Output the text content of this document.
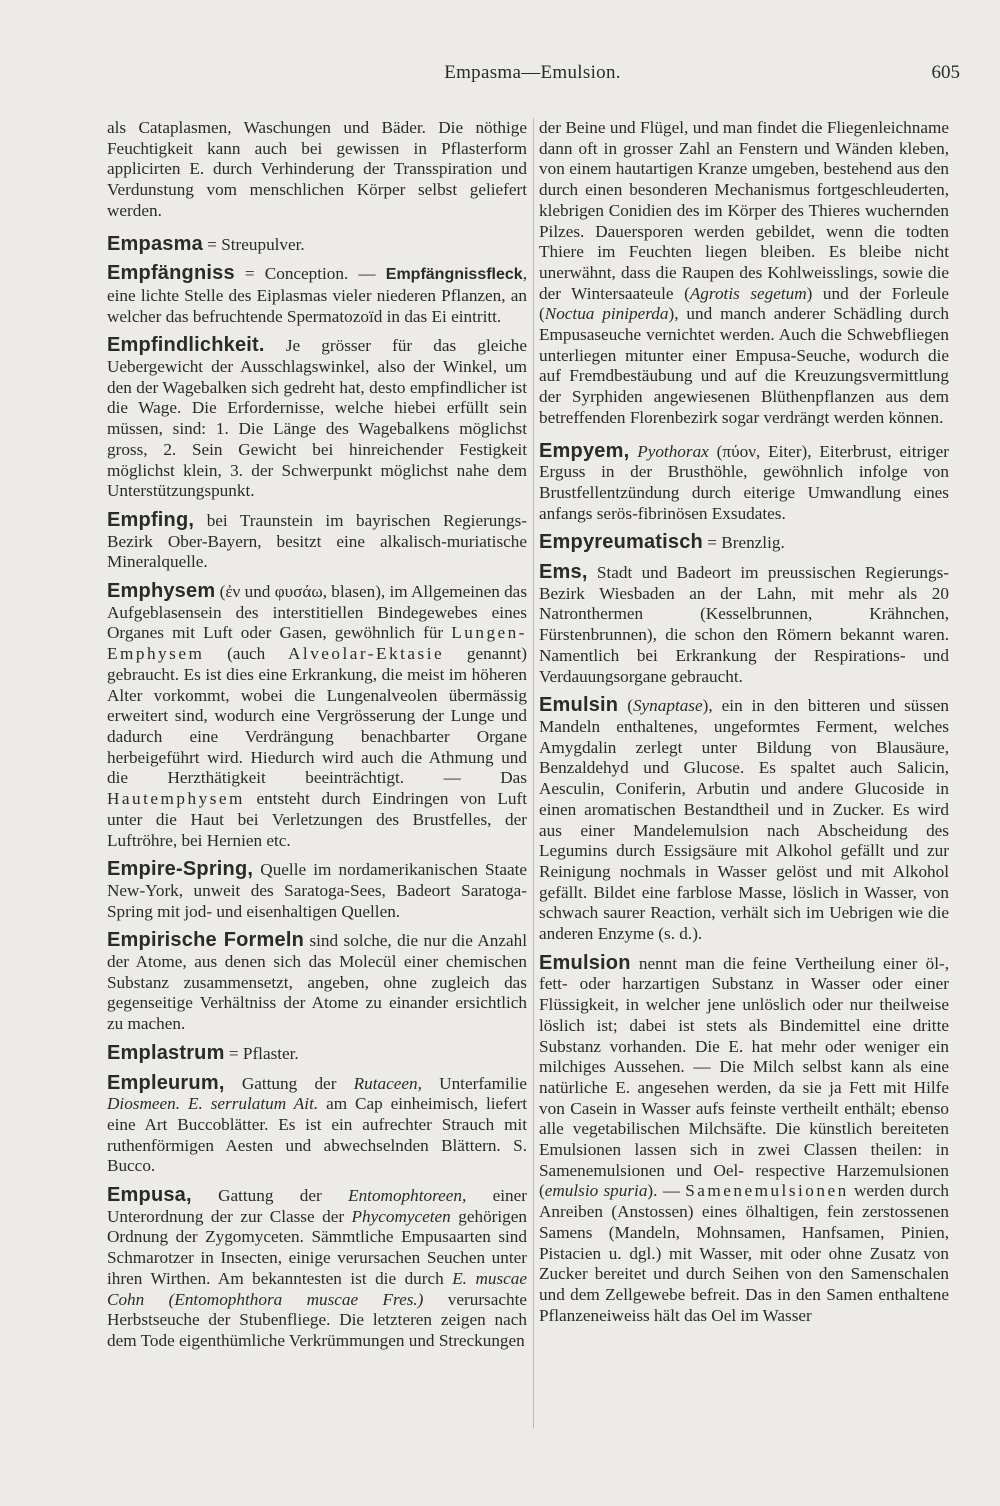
Empasma—Emulsion.	605

als Cataplasmen, Waschungen und Bäder. Die nöthige Feuchtigkeit kann auch bei gewissen in Pflasterform applicirten E. durch Verhinderung der Transspiration und Verdunstung vom menschlichen Körper selbst geliefert werden.

Empasma = Streupulver.

Empfängniss = Conception. — Empfängnissfleck, eine lichte Stelle des Eiplasmas vieler niederen Pflanzen, an welcher das befruchtende Spermatozoïd in das Ei eintritt.

Empfindlichkeit. Je grösser für das gleiche Uebergewicht der Ausschlagswinkel, also der Winkel, um den der Wagebalken sich gedreht hat, desto empfindlicher ist die Wage. Die Erfordernisse, welche hiebei erfüllt sein müssen, sind: 1. Die Länge des Wagebalkens möglichst gross, 2. Sein Gewicht bei hinreichender Festigkeit möglichst klein, 3. der Schwerpunkt möglichst nahe dem Unterstützungspunkt.

Empfing, bei Traunstein im bayrischen Regierungs-Bezirk Ober-Bayern, besitzt eine alkalisch-muriatische Mineralquelle.

Emphysem (ἐν und φυσάω, blasen), im Allgemeinen das Aufgeblasensein des interstitiellen Bindegewebes eines Organes mit Luft oder Gasen, gewöhnlich für Lungen-Emphysem (auch Alveolar-Ektasie genannt) gebraucht. Es ist dies eine Erkrankung, die meist im höheren Alter vorkommt, wobei die Lungenalveolen übermässig erweitert sind, wodurch eine Vergrösserung der Lunge und dadurch eine Verdrängung benachbarter Organe herbeigeführt wird. Hiedurch wird auch die Athmung und die Herzthätigkeit beeinträchtigt. — Das Hautemphysem entsteht durch Eindringen von Luft unter die Haut bei Verletzungen des Brustfelles, der Luftröhre, bei Hernien etc.

Empire-Spring, Quelle im nordamerikanischen Staate New-York, unweit des Saratoga-Sees, Badeort Saratoga-Spring mit jod- und eisenhaltigen Quellen.

Empirische Formeln sind solche, die nur die Anzahl der Atome, aus denen sich das Molecül einer chemischen Substanz zusammensetzt, angeben, ohne zugleich das gegenseitige Verhältniss der Atome zu einander ersichtlich zu machen.

Emplastrum = Pflaster.

Empleurum, Gattung der Rutaceen, Unterfamilie Diosmeen. E. serrulatum Ait. am Cap einheimisch, liefert eine Art Buccoblätter. Es ist ein aufrechter Strauch mit ruthenförmigen Aesten und abwechselnden Blättern. S. Bucco.

Empusa, Gattung der Entomophtoreen, einer Unterordnung der zur Classe der Phycomyceten gehörigen Ordnung der Zygomyceten. Sämmtliche Empusaarten sind Schmarotzer in Insecten, einige verursachen Seuchen unter ihren Wirthen. Am bekanntesten ist die durch E. muscae Cohn (Entomophthora muscae Fres.) verursachte Herbstseuche der Stubenfliege. Die letzteren zeigen nach dem Tode eigenthümliche Verkrümmungen und Streckungen

der Beine und Flügel, und man findet die Fliegenleichname dann oft in grosser Zahl an Fenstern und Wänden kleben, von einem hautartigen Kranze umgeben, bestehend aus den durch einen besonderen Mechanismus fortgeschleuderten, klebrigen Conidien des im Körper des Thieres wuchernden Pilzes. Dauersporen werden gebildet, wenn die todten Thiere im Feuchten liegen bleiben. Es bleibe nicht unerwähnt, dass die Raupen des Kohlweisslings, sowie die der Wintersaateule (Agrotis segetum) und der Forleule (Noctua piniperda), und manch anderer Schädling durch Empusaseuche vernichtet werden. Auch die Schwebfliegen unterliegen mitunter einer Empusa-Seuche, wodurch die auf Fremdbestäubung und auf die Kreuzungsvermittlung der Syrphiden angewiesenen Blüthenpflanzen aus dem betreffenden Florenbezirk sogar verdrängt werden können.

Empyem, Pyothorax (πύον, Eiter), Eiterbrust, eitriger Erguss in der Brusthöhle, gewöhnlich infolge von Brustfellentzündung durch eiterige Umwandlung eines anfangs serös-fibrinösen Exsudates.

Empyreumatisch = Brenzlig.

Ems, Stadt und Badeort im preussischen Regierungs-Bezirk Wiesbaden an der Lahn, mit mehr als 20 Natronthermen (Kesselbrunnen, Krähnchen, Fürstenbrunnen), die schon den Römern bekannt waren. Namentlich bei Erkrankung der Respirations- und Verdauungsorgane gebraucht.

Emulsin (Synaptase), ein in den bitteren und süssen Mandeln enthaltenes, ungeformtes Ferment, welches Amygdalin zerlegt unter Bildung von Blausäure, Benzaldehyd und Glucose. Es spaltet auch Salicin, Aesculin, Coniferin, Arbutin und andere Glucoside in einen aromatischen Bestandtheil und in Zucker. Es wird aus einer Mandelemulsion nach Abscheidung des Legumins durch Essigsäure mit Alkohol gefällt und zur Reinigung nochmals in Wasser gelöst und mit Alkohol gefällt. Bildet eine farblose Masse, löslich in Wasser, von schwach saurer Reaction, verhält sich im Uebrigen wie die anderen Enzyme (s. d.).

Emulsion nennt man die feine Vertheilung einer öl-, fett- oder harzartigen Substanz in Wasser oder einer Flüssigkeit, in welcher jene unlöslich oder nur theilweise löslich ist; dabei ist stets als Bindemittel eine dritte Substanz vorhanden. Die E. hat mehr oder weniger ein milchiges Aussehen. — Die Milch selbst kann als eine natürliche E. angesehen werden, da sie ja Fett mit Hilfe von Casein in Wasser aufs feinste vertheilt enthält; ebenso alle vegetabilischen Milchsäfte. Die künstlich bereiteten Emulsionen lassen sich in zwei Classen theilen: in Samenemulsionen und Oel- respective Harzemulsionen (emulsio spuria). — Samenemulsionen werden durch Anreiben (Anstossen) eines ölhaltigen, fein zerstossenen Samens (Mandeln, Mohnsamen, Hanfsamen, Pinien, Pistacien u. dgl.) mit Wasser, mit oder ohne Zusatz von Zucker bereitet und durch Seihen von den Samenschalen und dem Zellgewebe befreit. Das in den Samen enthaltene Pflanzeneiweiss hält das Oel im Wasser
